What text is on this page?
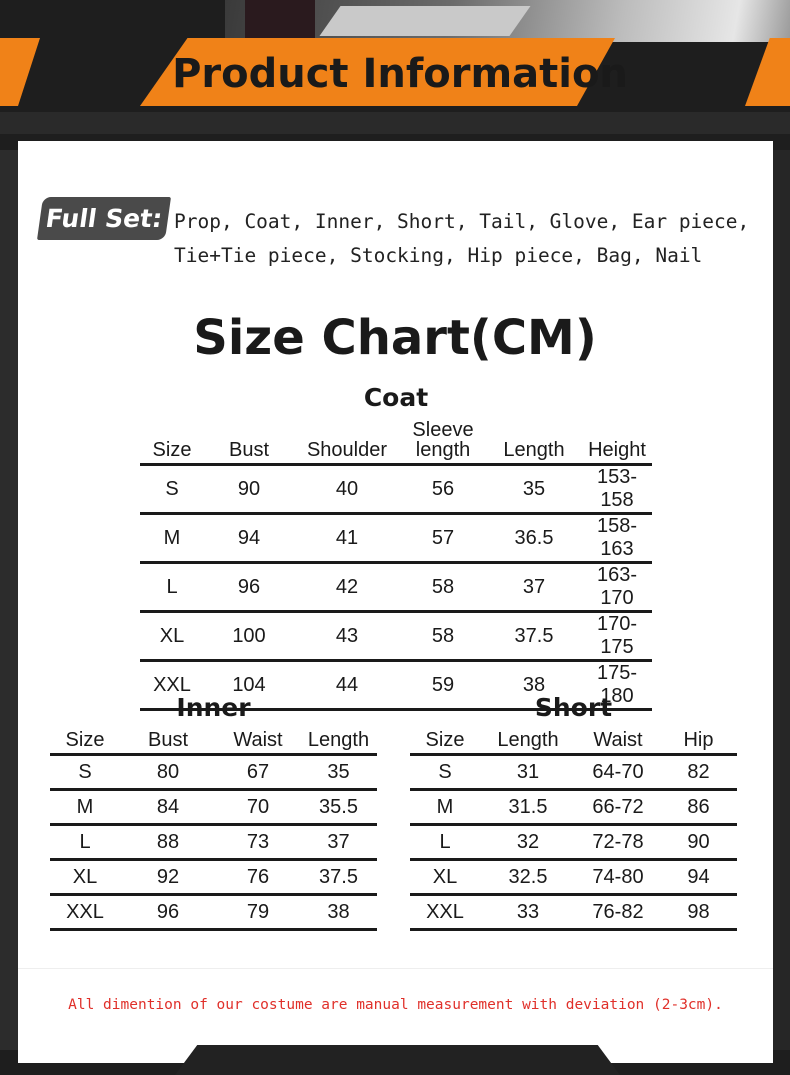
Product Information
Full Set: Prop, Coat, Inner, Short, Tail, Glove, Ear piece,
Tie+Tie piece, Stocking, Hip piece, Bag, Nail
Size Chart(CM)
Coat
Size	Bust	Shoulder	Sleeve length	Length	Height
S	90	40	56	35	153-158
M	94	41	57	36.5	158-163
L	96	42	58	37	163-170
XL	100	43	58	37.5	170-175
XXL	104	44	59	38	175-180
Inner
Size	Bust	Waist	Length
S	80	67	35
M	84	70	35.5
L	88	73	37
XL	92	76	37.5
XXL	96	79	38
Short
Size	Length	Waist	Hip
S	31	64-70	82
M	31.5	66-72	86
L	32	72-78	90
XL	32.5	74-80	94
XXL	33	76-82	98
All dimention of our costume are manual measurement with deviation (2-3cm).
